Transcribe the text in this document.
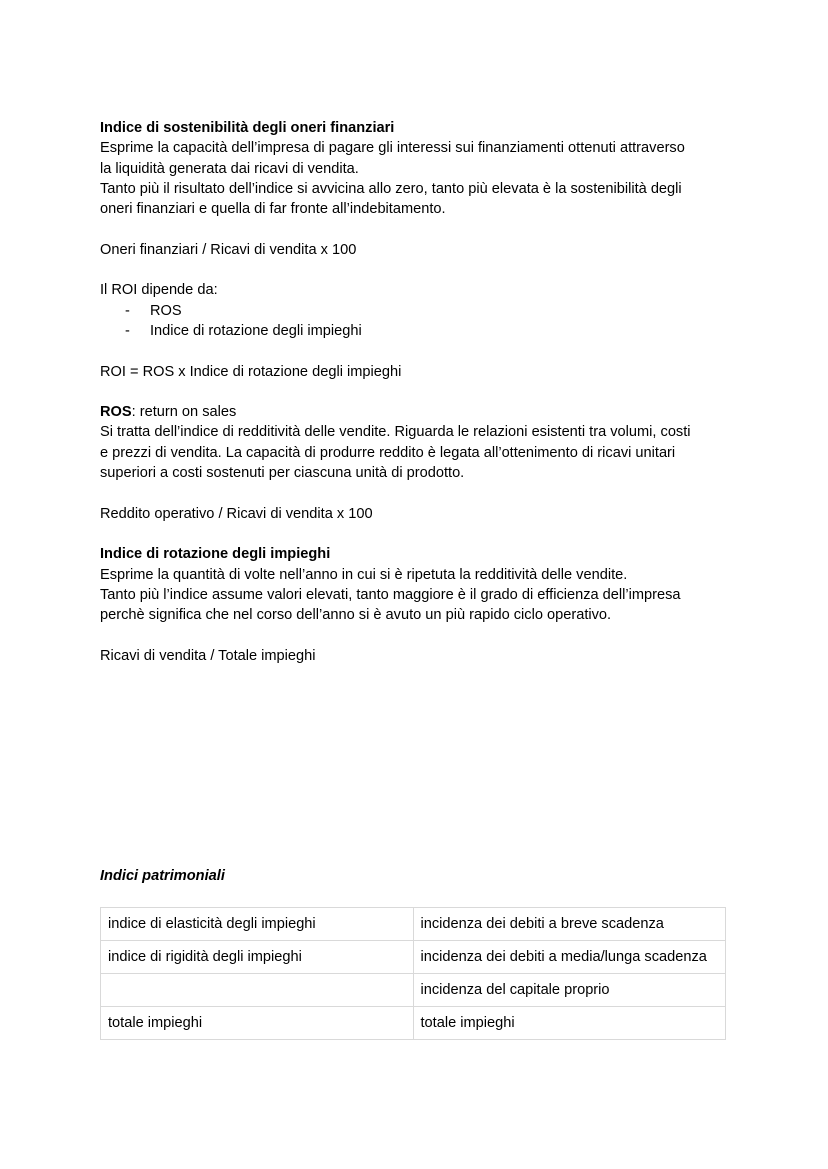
Indice di sostenibilità degli oneri finanziari

Esprime la capacità dell’impresa di pagare gli interessi sui finanziamenti ottenuti attraverso

la liquidità generata dai ricavi di vendita.

Tanto più il risultato dell’indice si avvicina allo zero, tanto più elevata è la sostenibilità degli

oneri finanziari e quella di far fronte all’indebitamento.

Oneri finanziari / Ricavi di vendita x 100

Il ROI dipende da:

- ROS
- Indice di rotazione degli impieghi

ROI = ROS x Indice di rotazione degli impieghi

ROS: return on sales

Si tratta dell’indice di redditività delle vendite. Riguarda le relazioni esistenti tra volumi, costi

e prezzi di vendita. La capacità di produrre reddito è legata all’ottenimento di ricavi unitari

superiori a costi sostenuti per ciascuna unità di prodotto.

Reddito operativo / Ricavi di vendita x 100

Indice di rotazione degli impieghi

Esprime la quantità di volte nell’anno in cui si è ripetuta la redditività delle vendite.

Tanto più l’indice assume valori elevati, tanto maggiore è il grado di efficienza dell’impresa

perchè significa che nel corso dell’anno si è avuto un più rapido ciclo operativo.

Ricavi di vendita / Totale impieghi

Indici patrimoniali

indice di elasticità degli impieghi	incidenza dei debiti a breve scadenza
indice di rigidità degli impieghi	incidenza dei debiti a media/lunga scadenza
	incidenza del capitale proprio
totale impieghi	totale impieghi
